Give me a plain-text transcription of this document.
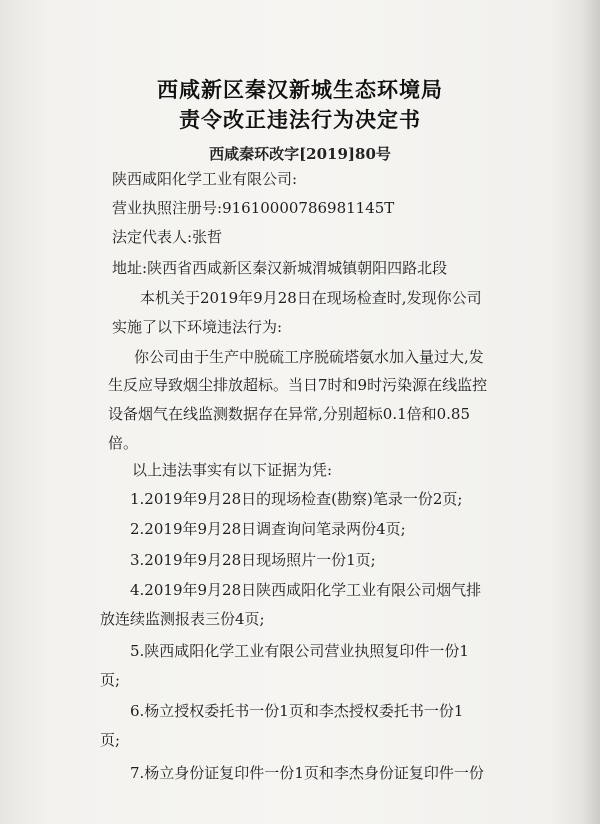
西咸新区秦汉新城生态环境局
责令改正违法行为决定书
西咸秦环改字[2019]80号
陕西咸阳化学工业有限公司:
营业执照注册号:91610000786981145T
法定代表人:张哲
地址:陕西省西咸新区秦汉新城渭城镇朝阳四路北段
本机关于2019年9月28日在现场检查时,发现你公司
实施了以下环境违法行为:
你公司由于生产中脱硫工序脱硫塔氨水加入量过大,发
生反应导致烟尘排放超标。当日7时和9时污染源在线监控
设备烟气在线监测数据存在异常,分别超标0.1倍和0.85
倍。
以上违法事实有以下证据为凭:
1.2019年9月28日的现场检查(勘察)笔录一份2页;
2.2019年9月28日调查询问笔录两份4页;
3.2019年9月28日现场照片一份1页;
4.2019年9月28日陕西咸阳化学工业有限公司烟气排
放连续监测报表三份4页;
5.陕西咸阳化学工业有限公司营业执照复印件一份1
页;
6.杨立授权委托书一份1页和李杰授权委托书一份1
页;
7.杨立身份证复印件一份1页和李杰身份证复印件一份
